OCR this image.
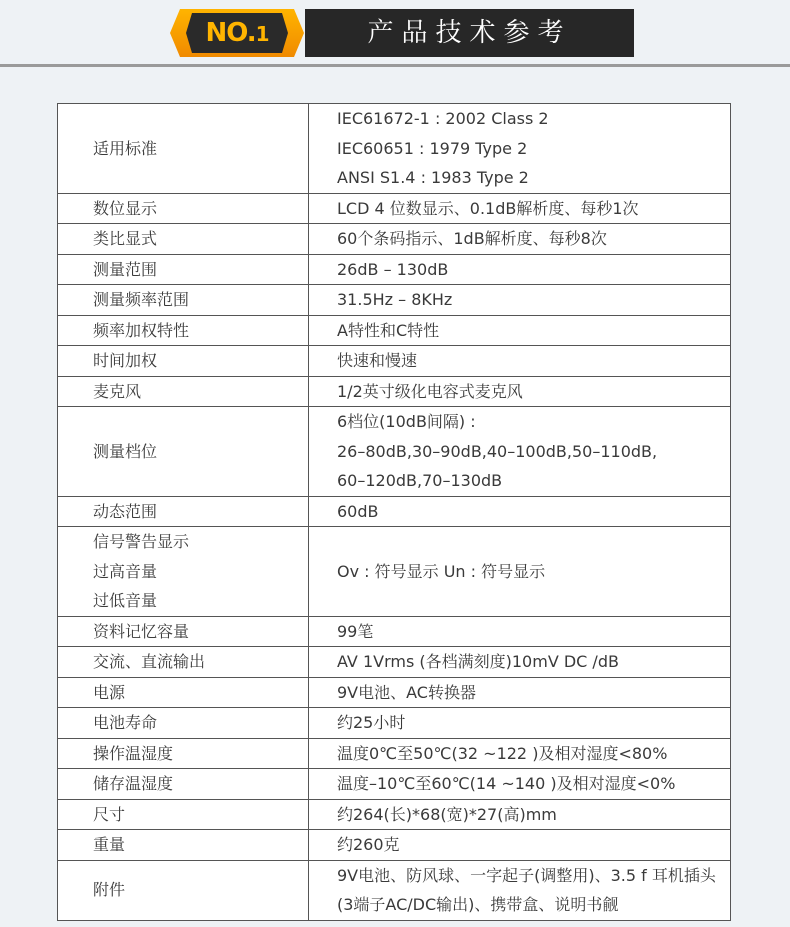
NO.1	产品技术参考
适用标准	IEC61672-1 : 2002 Class 2
IEC60651 : 1979 Type 2
ANSI S1.4 : 1983 Type 2

数位显示	LCD 4 位数显示、0.1dB解析度、每秒1次

类比显式	60个条码指示、1dB解析度、每秒8次

测量范围	26dB – 130dB

测量频率范围	31.5Hz – 8KHz

频率加权特性	A特性和C特性

时间加权	快速和慢速

麦克风	1/2英寸级化电容式麦克风

测量档位	6档位(10dB间隔) :
26–80dB,30–90dB,40–100dB,50–110dB,
60–120dB,70–130dB

动态范围	60dB

信号警告显示
过高音量
过低音量	Ov : 符号显示 Un : 符号显示

资料记忆容量	99笔

交流、直流输出	AV 1Vrms (各档满刻度)10mV DC /dB

电源	9V电池、AC转换器

电池寿命	约25小时

操作温湿度	温度0℃至50℃(32 ~122 )及相对湿度<80%

储存温湿度	温度–10℃至60℃(14 ~140 )及相对湿度<0%

尺寸	约264(长)*68(宽)*27(高)mm

重量	约260克

附件	9V电池、防风球、一字起子(调整用)、3.5 f 耳机插头
(3端子AC/DC输出)、携带盒、说明书觎
